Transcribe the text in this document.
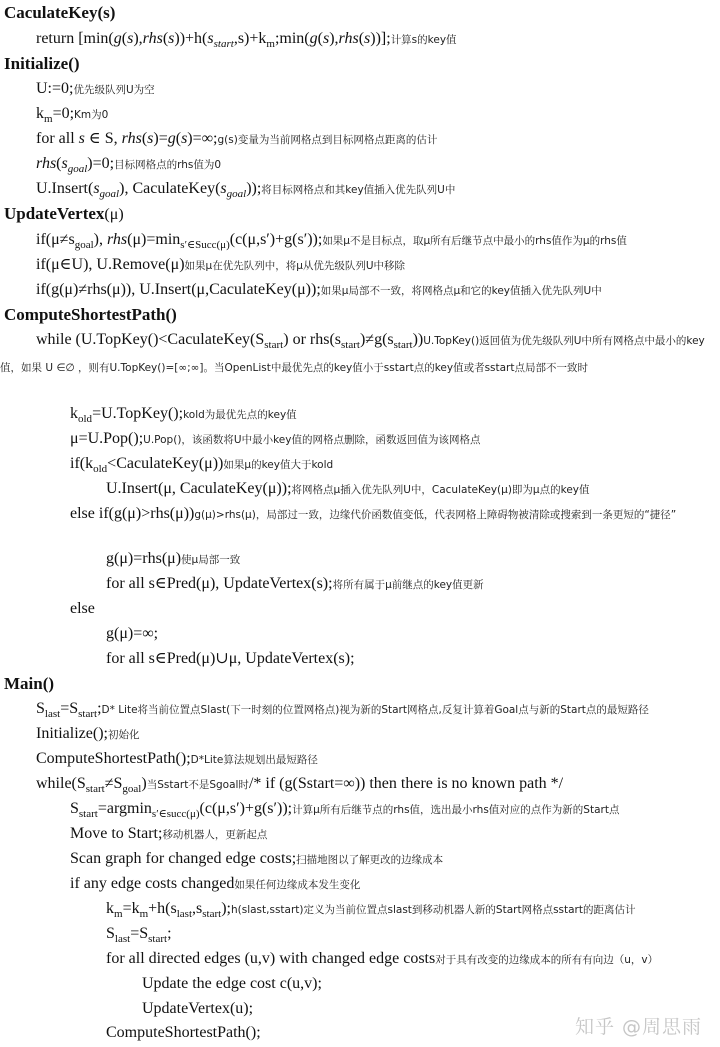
CaculateKey(s)
return $[\min(g(s),rhs(s))+h(s_{start},s)+k_m;\min(g(s),rhs(s))]$;计算s的key值
Initialize()
U:=0;优先级队列U为空
$k_m=0;Km$为0
for all s ∈ S, rhs(s)=g(s)=∞;g(s)变量为当前网格点到目标网格点距离的估计
$rhs(s_{goal})=0$;目标网格点的rhs值为0
$U.Insert(s_{goal})$, $CaculateKey(s_{goal})$);将目标网格点和其key值插入优先队列U中
UpdateVertex(μ)
$if(\mu\ne s_{goal})$, $rhs(\mu)=\min_{s'\in Succ(\mu)}(c(\mu,s')+g(s'))$;如果μ不是目标点，取μ所有后继节点中最小的rhs值作为μ的rhs值
if(μ∈U), U.Remove(μ)如果μ在优先队列中，将μ从优先级队列U中移除
if(g(μ)≠rhs(μ)), U.Insert(μ,CaculateKey(μ));如果μ局部不一致，将网格点μ和它的key值插入优先队列U中
ComputeShortestPath()
while ($U.TopKey()<CaculateKey(S_{start})$ or $rhs(s_{start})\ne g(s_{start}))U.TopKey()$返回值为优先级队列U中所有网格点中最小的key值，如果 U ∈∅ ，则有U.TopKey()=[∞;∞]。当OpenList中最优先点的key值小于sstart点的key值或者sstart点局部不一致时
$k_{old}=U.TopKey();kold$为最优先点的key值
μ=U.Pop();U.Pop()，该函数将U中最小key值的网格点删除，函数返回值为该网格点
$if(k_{old}<CaculateKey(\mu))$如果μ的key值大于kold
U.Insert(μ, CaculateKey(μ));将网格点μ插入优先队列U中，CaculateKey(μ)即为μ点的key值
else if(g(μ)>rhs(μ))g(μ)>rhs(μ)，局部过一致，边缘代价函数值变低，代表网格上障碍物被清除或搜索到一条更短的“捷径”
g(μ)=rhs(μ)使μ局部一致
for all s∈Pred(μ), UpdateVertex(s);将所有属于μ前继点的key值更新
else
g(μ)=∞;
for all s∈Pred(μ)∪μ, UpdateVertex(s);
Main()
$S_{last}=S_{start};D*$ Lite将当前位置点Slast(下一时刻的位置网格点)视为新的Start网格点,反复计算着Goal点与新的Start点的最短路径
Initialize();初始化
ComputeShortestPath();D*Lite算法规划出最短路径
$while(S_{start}\ne S_{goal})$当Sstart不是Sgoal时/* if (g(Sstart=∞)) then there is no known path */
$S_{start}=argmin_{s'\in succ(\mu)}(c(\mu,s')+g(s'))$;计算μ所有后继节点的rhs值，选出最小rhs值对应的点作为新的Start点
Move to Start;移动机器人，更新起点
Scan graph for changed edge costs;扫描地图以了解更改的边缘成本
if any edge costs changed如果任何边缘成本发生变化
$k_m=k_m+h(s_{last},s_{start});h(slast,sstart)$定义为当前位置点slast到移动机器人新的Start网格点sstart的距离估计
$S_{last}=S_{start}$;
for all directed edges (u,v) with changed edge costs对于具有改变的边缘成本的所有有向边（u，v）
Update the edge cost c(u,v);
UpdateVertex(u);
ComputeShortestPath();	知乎 @周思雨
